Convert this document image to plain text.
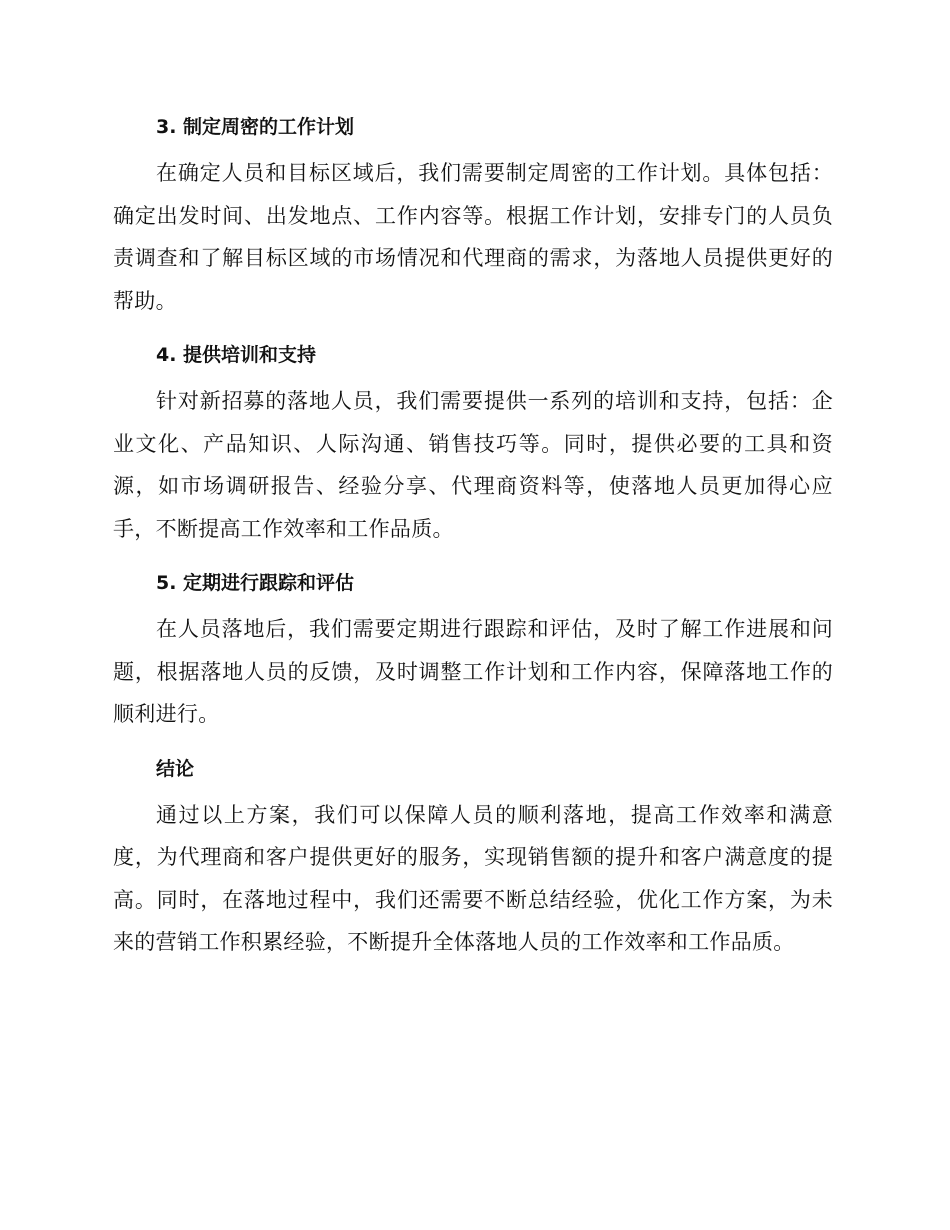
3. 制定周密的工作计划

在确定人员和目标区域后，我们需要制定周密的工作计划。具体包括：确定出发时间、出发地点、工作内容等。根据工作计划，安排专门的人员负责调查和了解目标区域的市场情况和代理商的需求，为落地人员提供更好的帮助。

4. 提供培训和支持

针对新招募的落地人员，我们需要提供一系列的培训和支持，包括：企业文化、产品知识、人际沟通、销售技巧等。同时，提供必要的工具和资源，如市场调研报告、经验分享、代理商资料等，使落地人员更加得心应手，不断提高工作效率和工作品质。

5. 定期进行跟踪和评估

在人员落地后，我们需要定期进行跟踪和评估，及时了解工作进展和问题，根据落地人员的反馈，及时调整工作计划和工作内容，保障落地工作的顺利进行。

结论

通过以上方案，我们可以保障人员的顺利落地，提高工作效率和满意度，为代理商和客户提供更好的服务，实现销售额的提升和客户满意度的提高。同时，在落地过程中，我们还需要不断总结经验，优化工作方案，为未来的营销工作积累经验，不断提升全体落地人员的工作效率和工作品质。
